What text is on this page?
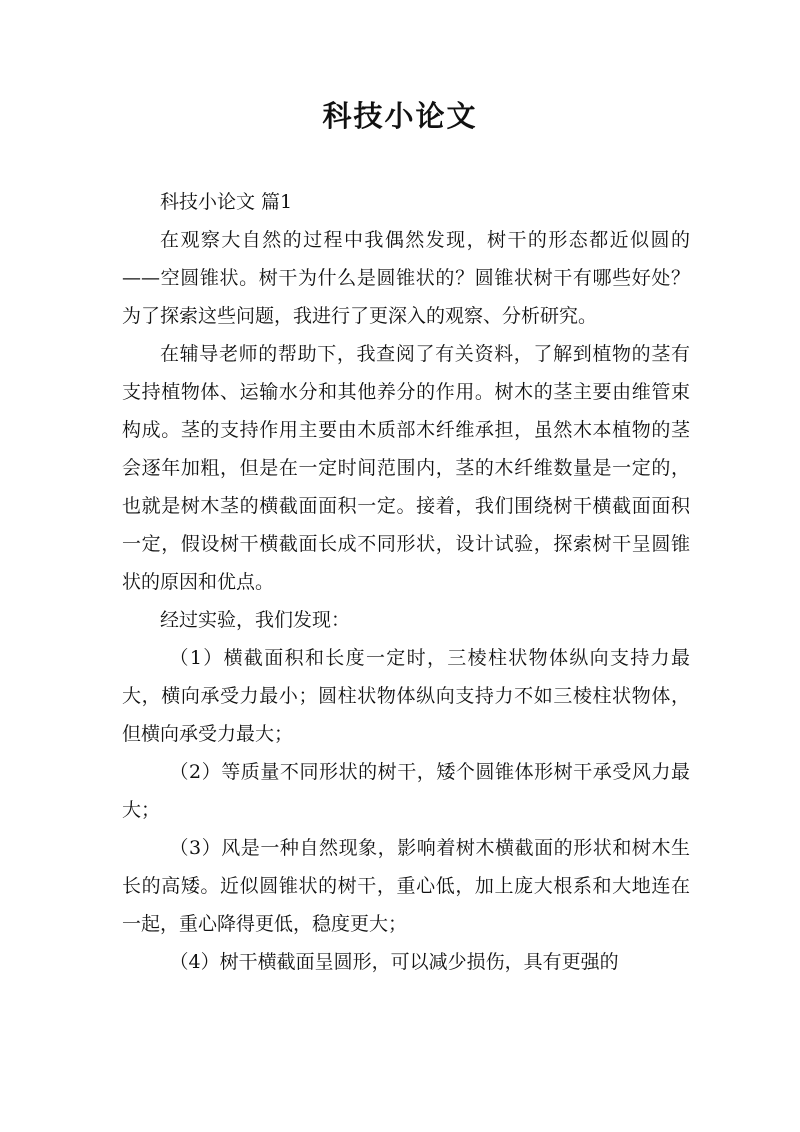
科技小论文

科技小论文 篇1

在观察大自然的过程中我偶然发现，树干的形态都近似圆的——空圆锥状。树干为什么是圆锥状的？圆锥状树干有哪些好处？为了探索这些问题，我进行了更深入的观察、分析研究。

在辅导老师的帮助下，我查阅了有关资料，了解到植物的茎有支持植物体、运输水分和其他养分的作用。树木的茎主要由维管束构成。茎的支持作用主要由木质部木纤维承担，虽然木本植物的茎会逐年加粗，但是在一定时间范围内，茎的木纤维数量是一定的，也就是树木茎的横截面面积一定。接着，我们围绕树干横截面面积一定，假设树干横截面长成不同形状，设计试验，探索树干呈圆锥状的原因和优点。

经过实验，我们发现：

（1）横截面积和长度一定时，三棱柱状物体纵向支持力最大，横向承受力最小；圆柱状物体纵向支持力不如三棱柱状物体，但横向承受力最大；

（2）等质量不同形状的树干，矮个圆锥体形树干承受风力最大；

（3）风是一种自然现象，影响着树木横截面的形状和树木生长的高矮。近似圆锥状的树干，重心低，加上庞大根系和大地连在一起，重心降得更低，稳度更大；

（4）树干横截面呈圆形，可以减少损伤，具有更强的
